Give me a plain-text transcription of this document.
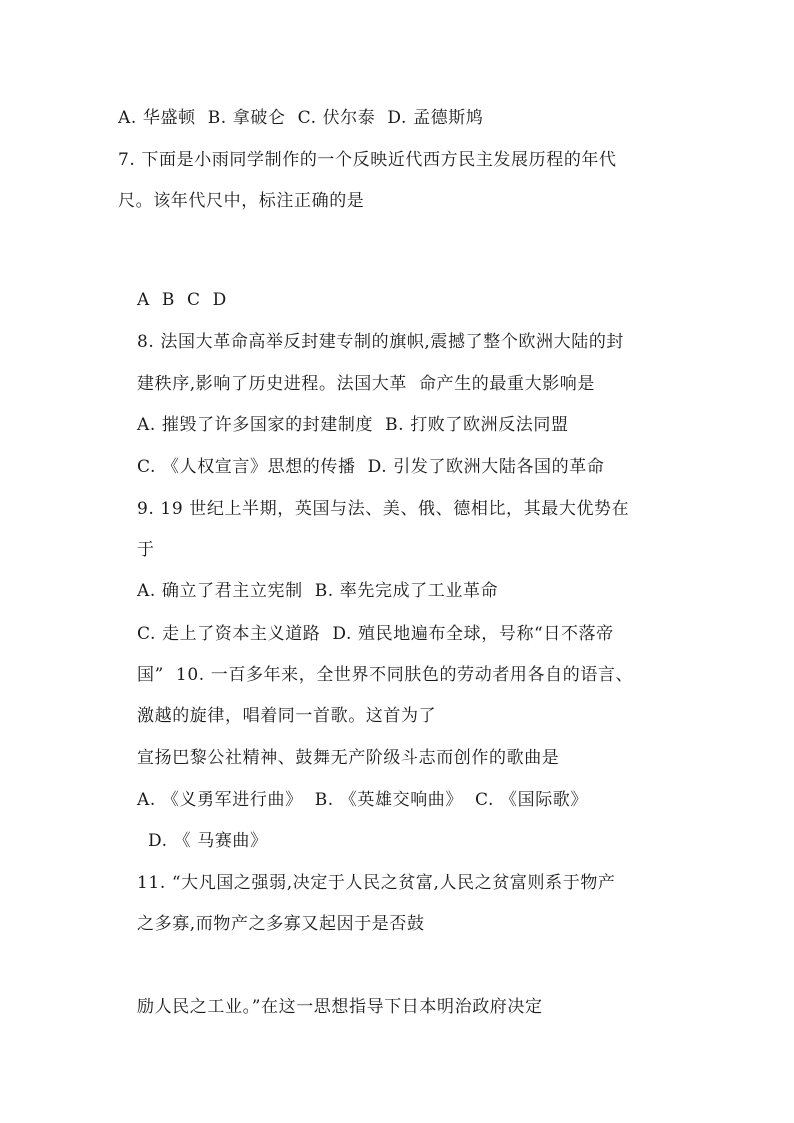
A. 华盛顿  B. 拿破仑  C. 伏尔泰  D. 孟德斯鸠
7. 下面是小雨同学制作的一个反映近代西方民主发展历程的年代
尺。该年代尺中，标注正确的是
A  B  C  D
8. 法国大革命高举反封建专制的旗帜,震撼了整个欧洲大陆的封
建秩序,影响了历史进程。法国大革  命产生的最重大影响是
A. 摧毁了许多国家的封建制度  B. 打败了欧洲反法同盟
C. 《人权宣言》思想的传播  D. 引发了欧洲大陆各国的革命
9. 19 世纪上半期，英国与法、美、俄、德相比，其最大优势在
于
A. 确立了君主立宪制  B. 率先完成了工业革命
C. 走上了资本主义道路  D. 殖民地遍布全球，号称“日不落帝
国”  10. 一百多年来，全世界不同肤色的劳动者用各自的语言、
激越的旋律，唱着同一首歌。这首为了
宣扬巴黎公社精神、鼓舞无产阶级斗志而创作的歌曲是
A. 《义勇军进行曲》  B. 《英雄交响曲》  C. 《国际歌》
D. 《 马赛曲》
11. “大凡国之强弱,决定于人民之贫富,人民之贫富则系于物产
之多寡,而物产之多寡又起因于是否鼓
励人民之工业。”在这一思想指导下日本明治政府决定
